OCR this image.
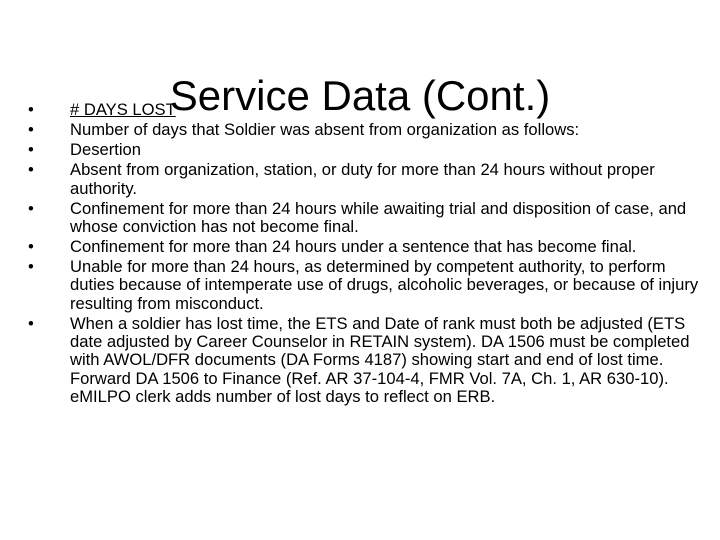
Service Data (Cont.)
• # DAYS LOST
• Number of days that Soldier was absent from organization as follows:
• Desertion
• Absent from organization, station, or duty for more than 24 hours without proper authority.
• Confinement for more than 24 hours while awaiting trial and disposition of case, and whose conviction has not become final.
• Confinement for more than 24 hours under a sentence that has become final.
• Unable for more than 24 hours, as determined by competent authority, to perform duties because of intemperate use of drugs, alcoholic beverages, or because of injury resulting from misconduct.
• When a soldier has lost time, the ETS and Date of rank must both be adjusted (ETS date adjusted by Career Counselor in RETAIN system). DA 1506 must be completed with AWOL/DFR documents (DA Forms 4187) showing start and end of lost time. Forward DA 1506 to Finance (Ref. AR 37-104-4, FMR Vol. 7A, Ch. 1, AR 630-10). eMILPO clerk adds number of lost days to reflect on ERB.
